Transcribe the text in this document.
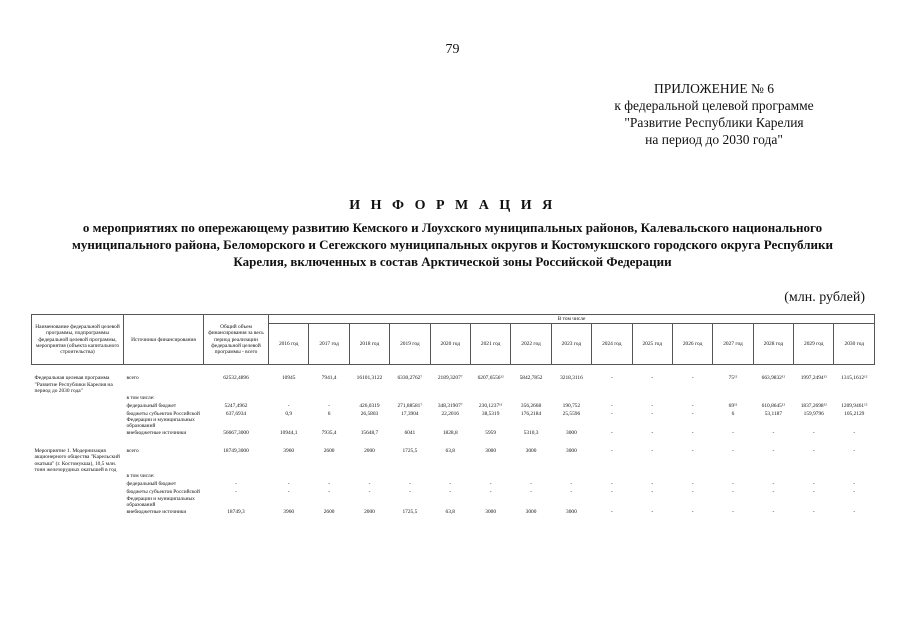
79
ПРИЛОЖЕНИЕ № 6
к федеральной целевой программе
"Развитие Республики Карелия
на период до 2030 года"
И Н Ф О Р М А Ц И Я
о мероприятиях по опережающему развитию Кемского и Лоухского муниципальных районов, Калевальского национального муниципального района, Беломорского и Сегежского муниципальных округов и Костомукшского городского округа Республики Карелия, включенных в состав Арктической зоны Российской Федерации
(млн. рублей)
Наименование федеральной целевой программы, подпрограммы федеральной целевой программы, мероприятия (объекта капитального строительства)	Источники финансирования	Общий объем финансирования за весь период реализации федеральной целевой программы - всего	В том числе														
			2016 год	2017 год	2018 год	2019 год	2020 год	2021 год	2022 год	2023 год	2024 год	2025 год	2026 год	2027 год	2028 год	2029 год	2030 год
Федеральная целевая программа "Развитие Республики Карелия на период до 2030 года"	всего	62532,4896	10945	7941,4	16101,3122	6330,2762⁷	2189,3207⁷	6207,6556¹²	5842,7852	3218,3116	-	-	-	75¹²	663,9832¹²	1997,2494¹²	1315,1612¹²
	в том числе:																
	федеральный бюджет	5247,4962	-	-	426,0319	271,88581⁷	348,31907⁷	230,1237¹¹	356,2668	190,752	-	-	-	69¹²	610,8645¹²	1837,2698¹²	1209,9461¹²
	бюджеты субъектов Российской Федерации и муниципальных образований	637,6934	0,9	6	26,5803	17,3904	22,2016	38,5319	176,2184	25,5596	-	-	-	6	53,1187	159,9796	105,2129
	внебюджетные источники	56667,3000	10944,1	7935,4	15648,7	6041	1828,8	5959	5310,3	3000	-	-	-	-	-	-	-
Мероприятие 1. Модернизация акционерного общества "Карельский окатыш" (г. Костомукша), 10,5 млн. тонн железорудных окатышей в год	всего	18749,3000	3960	2600	2000	1725,5	63,8	3000	3000	3000	-	-	-	-	-	-	-
	в том числе:																
	федеральный бюджет	-	-	-	-	-	-	-	-	-	-	-	-	-	-	-	-
	бюджеты субъектов Российской Федерации и муниципальных образований	-	-	-	-	-	-	-	-	-	-	-	-	-	-	-	-
	внебюджетные источники	18749,3	3960	2600	2000	1725,5	63,8	3000	3000	3000	-	-	-	-	-	-	-
